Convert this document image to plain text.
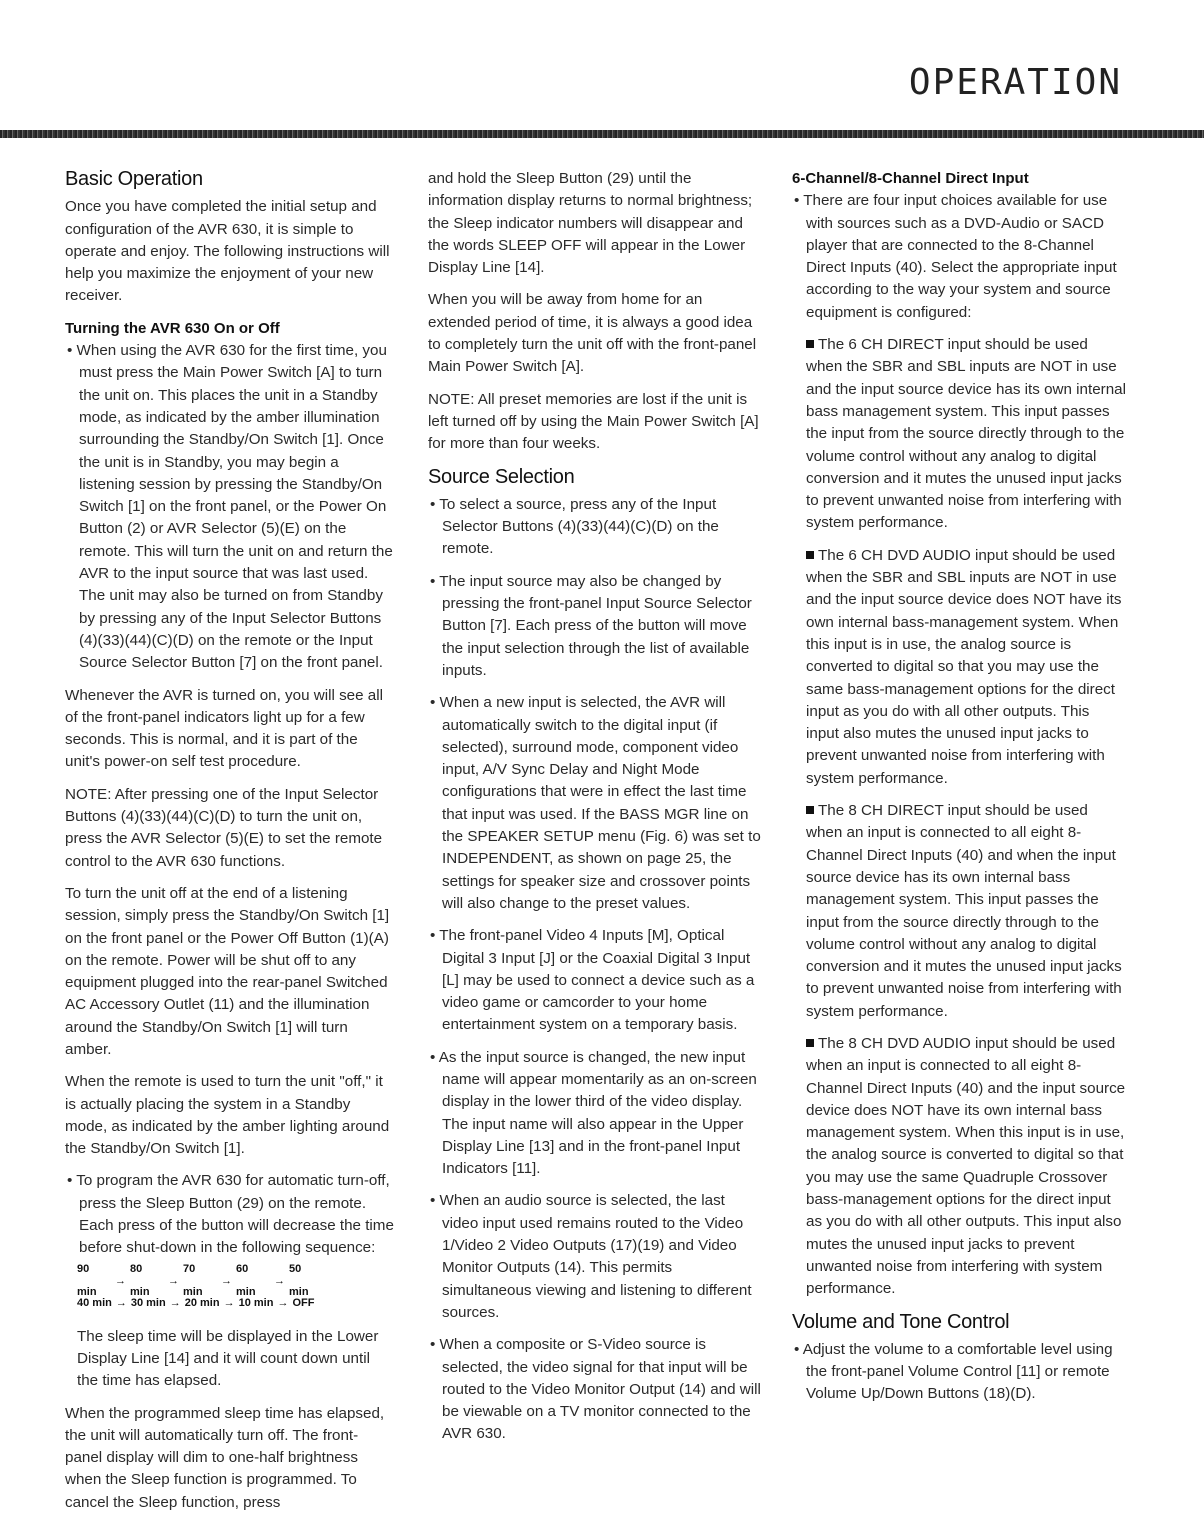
OPERATION
Basic Operation

Once you have completed the initial setup and configuration of the AVR 630, it is simple to operate and enjoy. The following instructions will help you maximize the enjoyment of your new receiver.

Turning the AVR 630 On or Off

• When using the AVR 630 for the first time, you must press the Main Power Switch [A] to turn the unit on. This places the unit in a Standby mode, as indicated by the amber illumination surrounding the Standby/On Switch [1]. Once the unit is in Standby, you may begin a listening session by pressing the Standby/On Switch [1] on the front panel, or the Power On Button (2) or AVR Selector (5)(E) on the remote. This will turn the unit on and return the AVR to the input source that was last used. The unit may also be turned on from Standby by pressing any of the Input Selector Buttons (4)(33)(44)(C)(D) on the remote or the Input Source Selector Button [7] on the front panel.

Whenever the AVR is turned on, you will see all of the front-panel indicators light up for a few seconds. This is normal, and it is part of the unit's power-on self test procedure.

NOTE: After pressing one of the Input Selector Buttons (4)(33)(44)(C)(D) to turn the unit on, press the AVR Selector (5)(E) to set the remote control to the AVR 630 functions.

To turn the unit off at the end of a listening session, simply press the Standby/On Switch [1] on the front panel or the Power Off Button (1)(A) on the remote. Power will be shut off to any equipment plugged into the rear-panel Switched AC Accessory Outlet (11) and the illumination around the Standby/On Switch [1] will turn amber.

When the remote is used to turn the unit "off," it is actually placing the system in a Standby mode, as indicated by the amber lighting around the Standby/On Switch [1].

• To program the AVR 630 for automatic turn-off, press the Sleep Button (29) on the remote. Each press of the button will decrease the time before shut-down in the following sequence:

90 min
→
80 min
→
70 min
→
60 min
→
50 min
40 min → 30 min → 20 min → 10 min → OFF

The sleep time will be displayed in the Lower Display Line [14] and it will count down until the time has elapsed.

When the programmed sleep time has elapsed, the unit will automatically turn off. The front-panel display will dim to one-half brightness when the Sleep function is programmed. To cancel the Sleep function, press

and hold the Sleep Button (29) until the information display returns to normal brightness; the Sleep indicator numbers will disappear and the words SLEEP OFF will appear in the Lower Display Line [14].

When you will be away from home for an extended period of time, it is always a good idea to completely turn the unit off with the front-panel Main Power Switch [A].

NOTE: All preset memories are lost if the unit is left turned off by using the Main Power Switch [A] for more than four weeks.

Source Selection

• To select a source, press any of the Input Selector Buttons (4)(33)(44)(C)(D) on the remote.

• The input source may also be changed by pressing the front-panel Input Source Selector Button [7]. Each press of the button will move the input selection through the list of available inputs.

• When a new input is selected, the AVR will automatically switch to the digital input (if selected), surround mode, component video input, A/V Sync Delay and Night Mode configurations that were in effect the last time that input was used. If the BASS MGR line on the SPEAKER SETUP menu (Fig. 6) was set to INDEPENDENT, as shown on page 25, the settings for speaker size and crossover points will also change to the preset values.

• The front-panel Video 4 Inputs [M], Optical Digital 3 Input [J] or the Coaxial Digital 3 Input [L] may be used to connect a device such as a video game or camcorder to your home entertainment system on a temporary basis.

• As the input source is changed, the new input name will appear momentarily as an on-screen display in the lower third of the video display. The input name will also appear in the Upper Display Line [13] and in the front-panel Input Indicators [11].

• When an audio source is selected, the last video input used remains routed to the Video 1/Video 2 Video Outputs (17)(19) and Video Monitor Outputs (14). This permits simultaneous viewing and listening to different sources.

• When a composite or S-Video source is selected, the video signal for that input will be routed to the Video Monitor Output (14) and will be viewable on a TV monitor connected to the AVR 630.

6-Channel/8-Channel Direct Input

• There are four input choices available for use with sources such as a DVD-Audio or SACD player that are connected to the 8-Channel Direct Inputs (40). Select the appropriate input according to the way your system and source equipment is configured:

The 6 CH DIRECT input should be used when the SBR and SBL inputs are NOT in use and the input source device has its own internal bass management system. This input passes the input from the source directly through to the volume control without any analog to digital conversion and it mutes the unused input jacks to prevent unwanted noise from interfering with system performance.

The 6 CH DVD AUDIO input should be used when the SBR and SBL inputs are NOT in use and the input source device does NOT have its own internal bass-management system. When this input is in use, the analog source is converted to digital so that you may use the same bass-management options for the direct input as you do with all other outputs. This input also mutes the unused input jacks to prevent unwanted noise from interfering with system performance.

The 8 CH DIRECT input should be used when an input is connected to all eight 8-Channel Direct Inputs (40) and when the input source device has its own internal bass management system. This input passes the input from the source directly through to the volume control without any analog to digital conversion and it mutes the unused input jacks to prevent unwanted noise from interfering with system performance.

The 8 CH DVD AUDIO input should be used when an input is connected to all eight 8-Channel Direct Inputs (40) and the input source device does NOT have its own internal bass management system. When this input is in use, the analog source is converted to digital so that you may use the same Quadruple Crossover bass-management options for the direct input as you do with all other outputs. This input also mutes the unused input jacks to prevent unwanted noise from interfering with system performance.

Volume and Tone Control

• Adjust the volume to a comfortable level using the front-panel Volume Control [11] or remote Volume Up/Down Buttons (18)(D).
